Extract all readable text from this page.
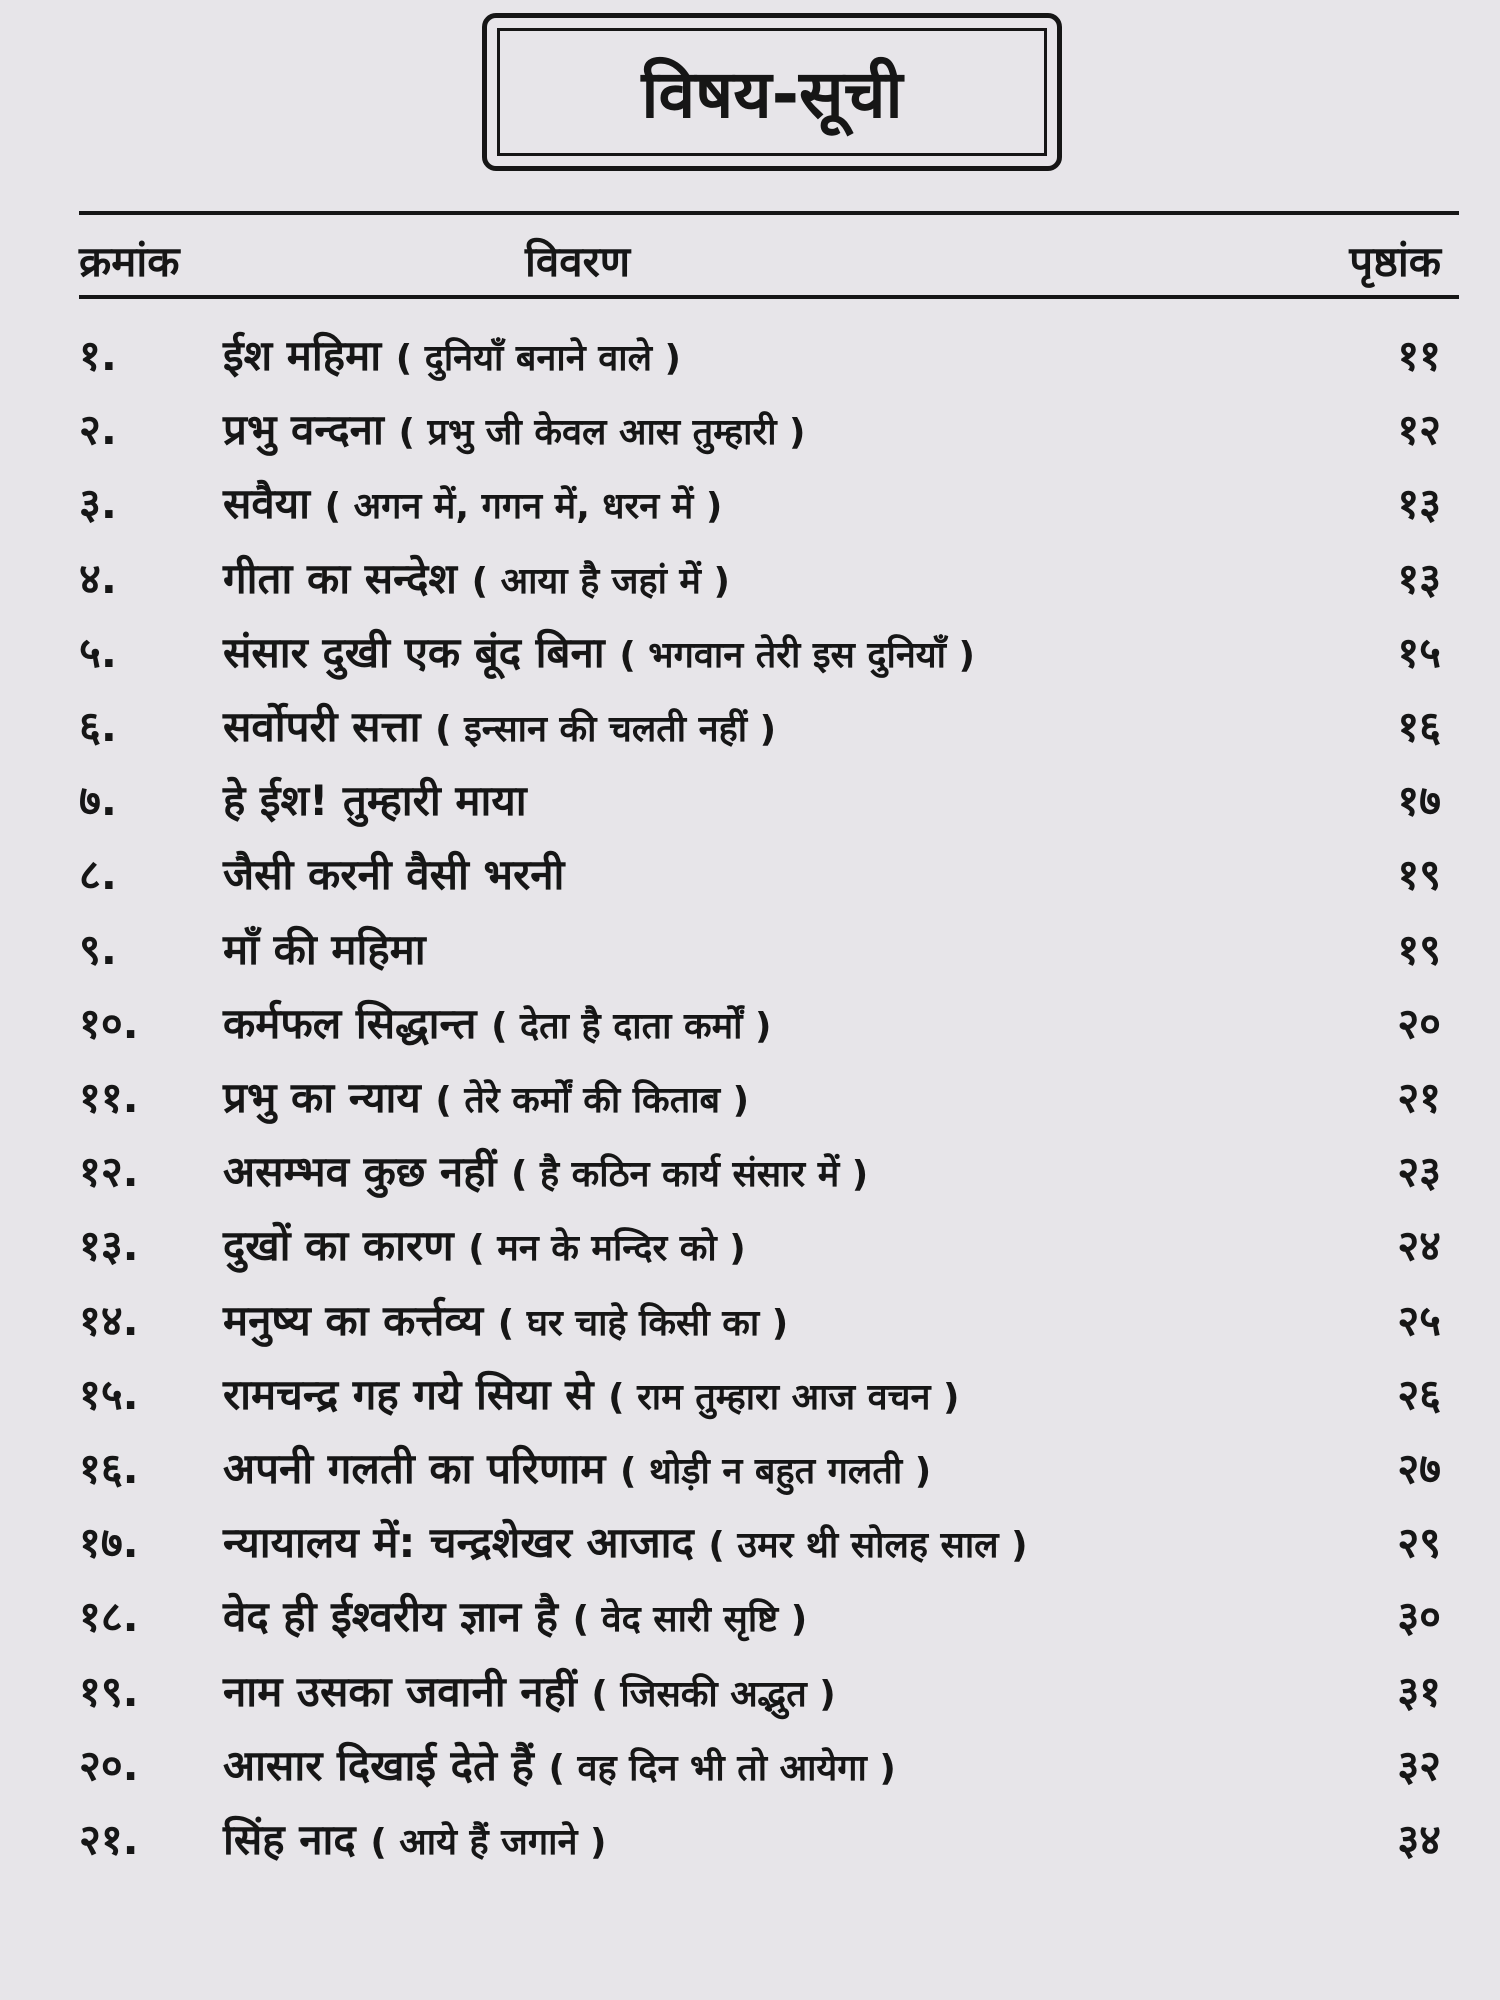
विषय-सूची
क्रमांक	विवरण	पृष्ठांक
१.	ईश महिमा ( दुनियाँ बनाने वाले )	११
२.	प्रभु वन्दना ( प्रभु जी केवल आस तुम्हारी )	१२
३.	सवैया ( अगन में, गगन में, धरन में )	१३
४.	गीता का सन्देश ( आया है जहां में )	१३
५.	संसार दुखी एक बूंद बिना ( भगवान तेरी इस दुनियाँ )	१५
६.	सर्वोपरी सत्ता ( इन्सान की चलती नहीं )	१६
७.	हे ईश! तुम्हारी माया	१७
८.	जैसी करनी वैसी भरनी	१९
९.	माँ की महिमा	१९
१०. कर्मफल सिद्धान्त ( देता है दाता कर्मों )	२०
११. प्रभु का न्याय ( तेरे कर्मों की किताब )	२१
१२. असम्भव कुछ नहीं ( है कठिन कार्य संसार में )	२३
१३. दुखों का कारण ( मन के मन्दिर को )	२४
१४. मनुष्य का कर्त्तव्य ( घर चाहे किसी का )	२५
१५. रामचन्द्र गह गये सिया से ( राम तुम्हारा आज वचन )	२६
१६. अपनी गलती का परिणाम ( थोड़ी न बहुत गलती )	२७
१७. न्यायालय में: चन्द्रशेखर आजाद ( उमर थी सोलह साल )	२९
१८. वेद ही ईश्वरीय ज्ञान है ( वेद सारी सृष्टि )	३०
१९. नाम उसका जवानी नहीं ( जिसकी अद्भुत )	३१
२०. आसार दिखाई देते हैं ( वह दिन भी तो आयेगा )	३२
२१. सिंह नाद ( आये हैं जगाने )	३४
